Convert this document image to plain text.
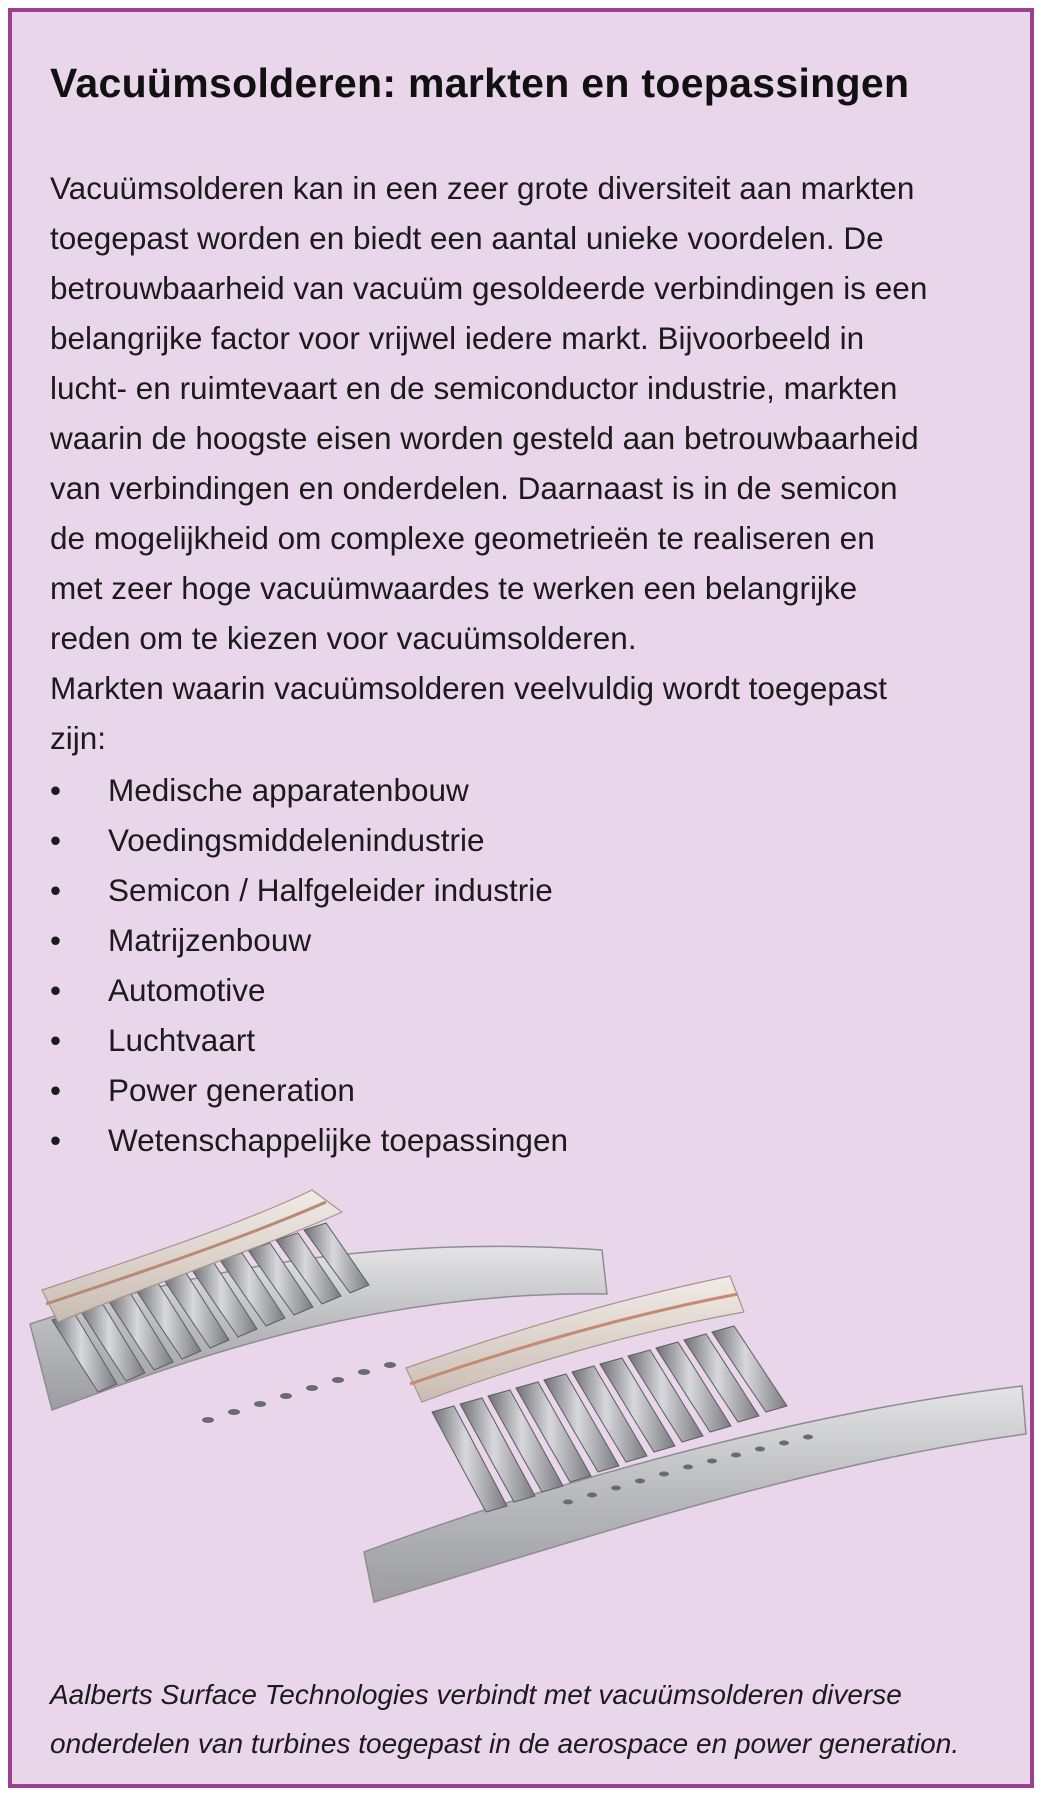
Vacuümsolderen: markten en toepassingen

Vacuümsolderen kan in een zeer grote diversiteit aan markten
toegepast worden en biedt een aantal unieke voordelen. De
betrouwbaarheid van vacuüm gesoldeerde verbindingen is een
belangrijke factor voor vrijwel iedere markt. Bijvoorbeeld in
lucht- en ruimtevaart en de semiconductor industrie, markten
waarin de hoogste eisen worden gesteld aan betrouwbaarheid
van verbindingen en onderdelen. Daarnaast is in de semicon
de mogelijkheid om complexe geometrieën te realiseren en
met zeer hoge vacuümwaardes te werken een belangrijke
reden om te kiezen voor vacuümsolderen.
Markten waarin vacuümsolderen veelvuldig wordt toegepast
zijn:

•	Medische apparatenbouw
•	Voedingsmiddelenindustrie
•	Semicon / Halfgeleider industrie
•	Matrijzenbouw
•	Automotive
•	Luchtvaart
•	Power generation
•	Wetenschappelijke toepassingen

Aalberts Surface Technologies verbindt met vacuümsolderen diverse
onderdelen van turbines toegepast in de aerospace en power generation.
